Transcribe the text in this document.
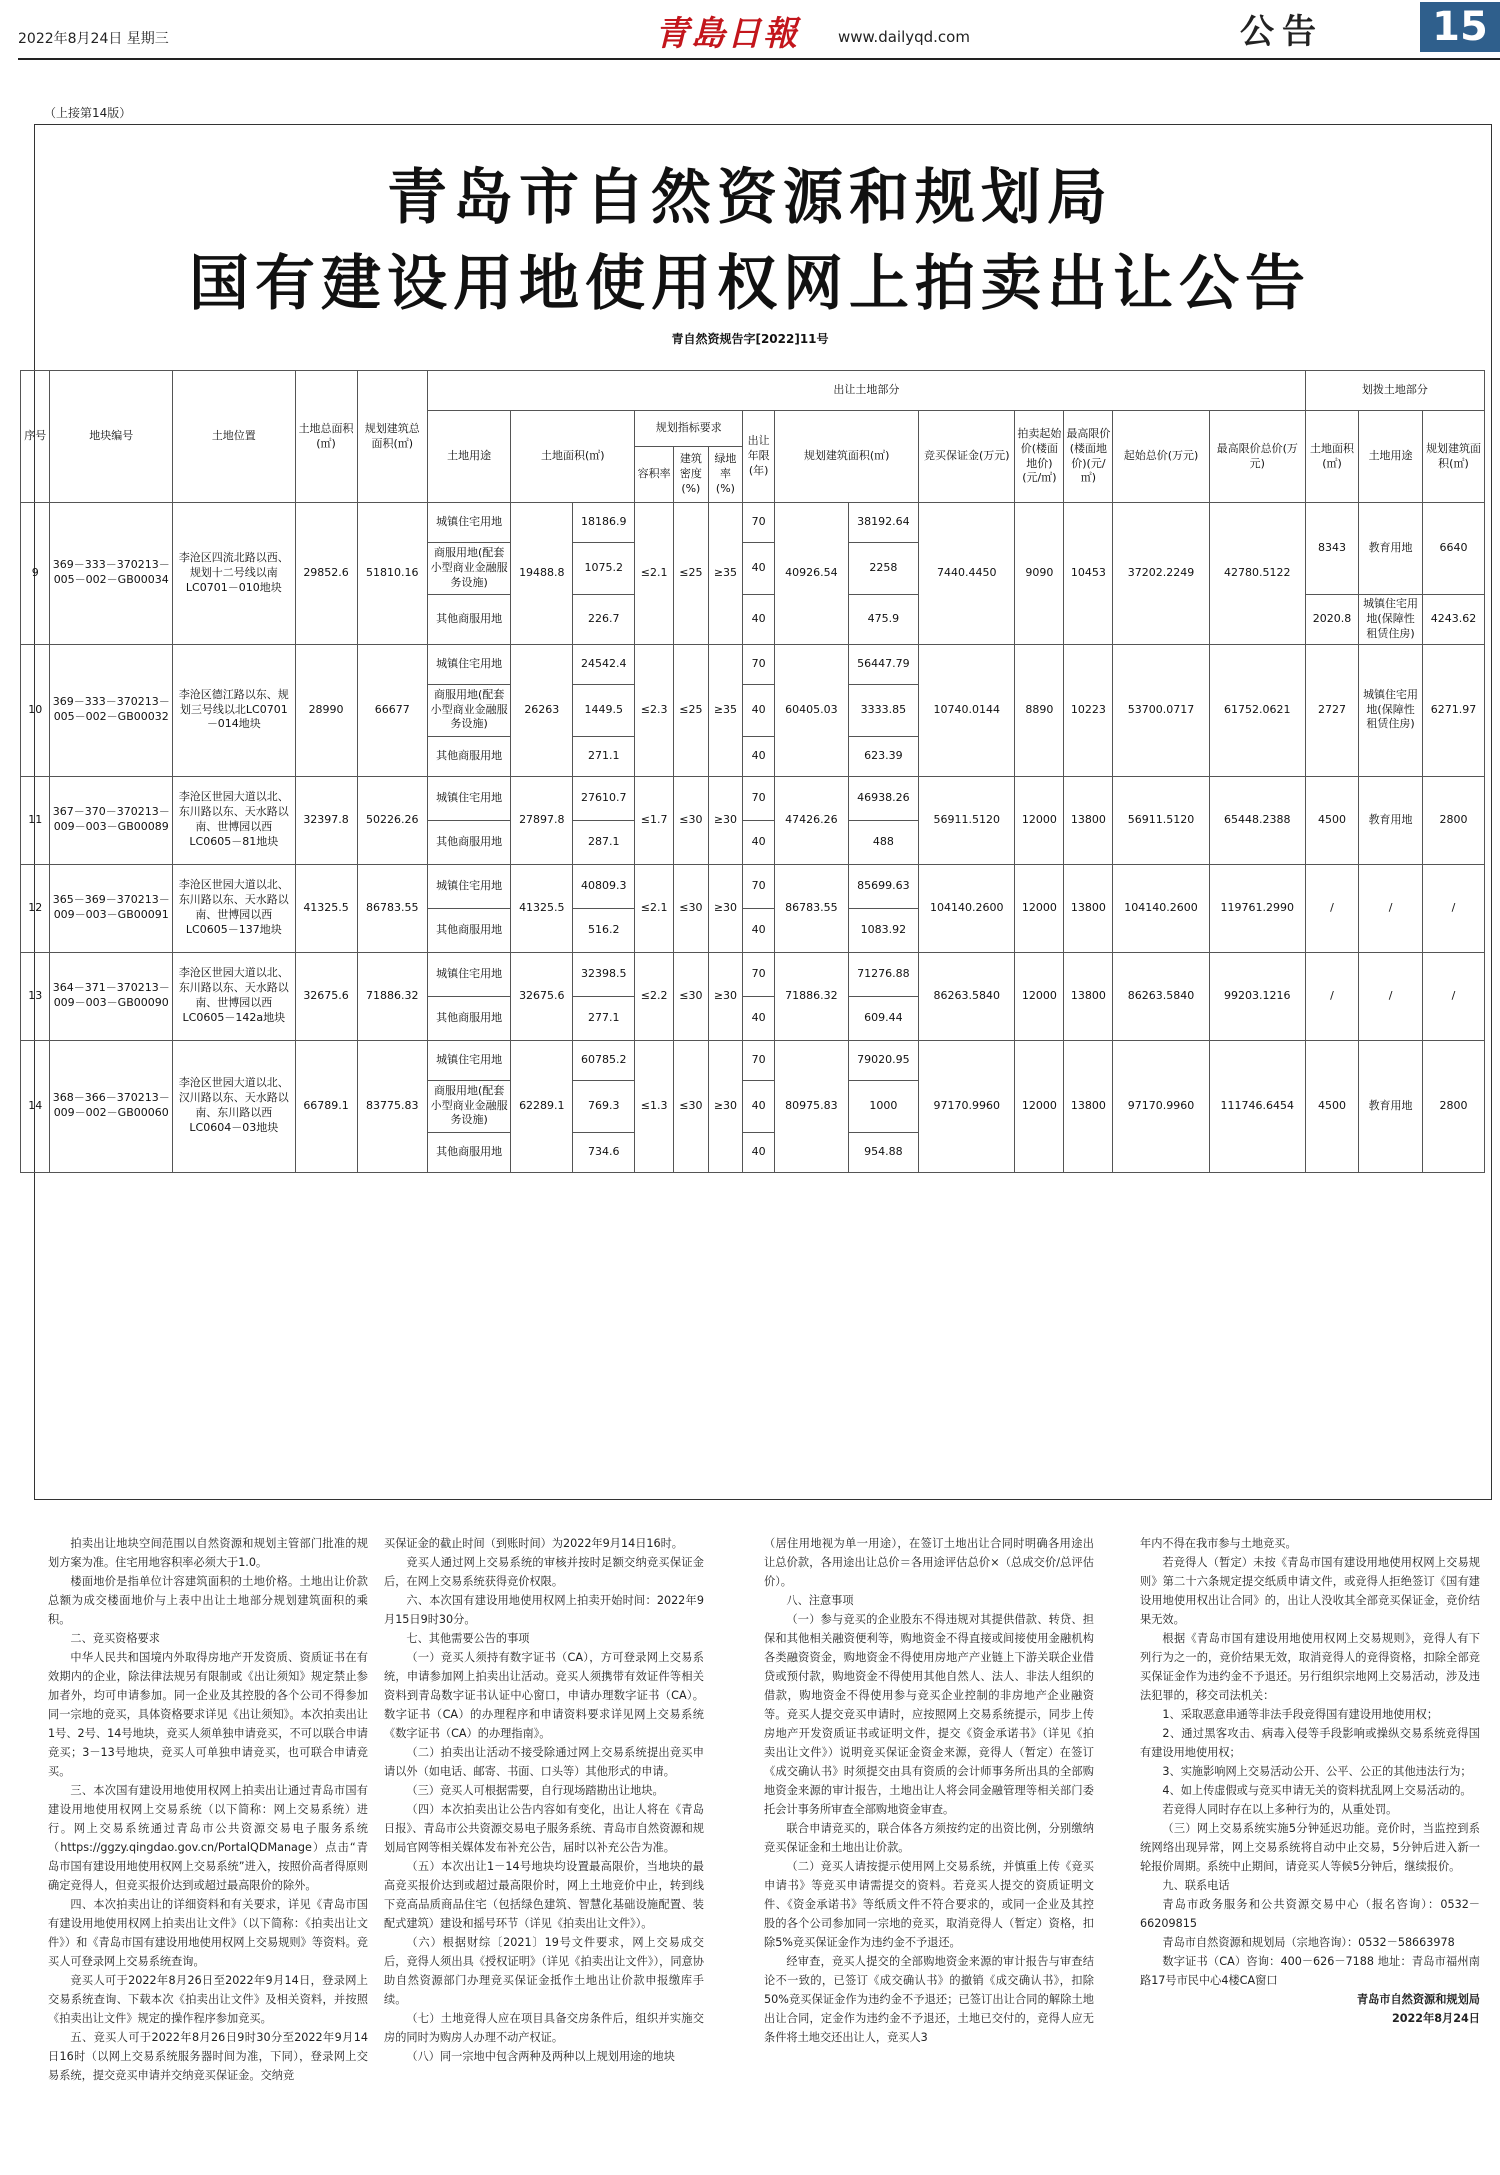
2022年8月24日 星期三	青島日報	www.dailyqd.com	公告	15
（上接第14版）
青岛市自然资源和规划局
国有建设用地使用权网上拍卖出让公告
青自然资规告字[2022]11号
序号	地块编号	土地位置	土地总面积(㎡)	规划建筑总面积(㎡)	出让土地部分														划拨土地部分		
					土地用途	土地面积(㎡)		规划指标要求			出让年限(年)	规划建筑面积(㎡)		竞买保证金(万元)	拍卖起始价(楼面地价)(元/㎡)	最高限价(楼面地价)(元/㎡)	起始总价(万元)	最高限价总价(万元)	土地面积(㎡)	土地用途	规划建筑面积(㎡)
								容积率	建筑密度(%)	绿地率(%)											
9	369－333－370213－005－002－GB00034	李沧区四流北路以西、规划十二号线以南LC0701－010地块	29852.6	51810.16	城镇住宅用地	19488.8	18186.9	≤2.1	≤25	≥35	70	40926.54	38192.64	7440.4450	9090	10453	37202.2249	42780.5122	8343	教育用地	6640
					商服用地(配套小型商业金融服务设施)		1075.2				40		2258								
					其他商服用地		226.7				40		475.9						2020.8	城镇住宅用地(保障性租赁住房)	4243.62
10	369－333－370213－005－002－GB00032	李沧区德江路以东、规划三号线以北LC0701－014地块	28990	66677	城镇住宅用地	26263	24542.4	≤2.3	≤25	≥35	70	60405.03	56447.79	10740.0144	8890	10223	53700.0717	61752.0621	2727	城镇住宅用地(保障性租赁住房)	6271.97
					商服用地(配套小型商业金融服务设施)		1449.5				40		3333.85								
					其他商服用地		271.1				40		623.39								
11	367－370－370213－009－003－GB00089	李沧区世园大道以北、东川路以东、天水路以南、世博园以西LC0605－81地块	32397.8	50226.26	城镇住宅用地	27897.8	27610.7	≤1.7	≤30	≥30	70	47426.26	46938.26	56911.5120	12000	13800	56911.5120	65448.2388	4500	教育用地	2800
					其他商服用地		287.1				40		488								
12	365－369－370213－009－003－GB00091	李沧区世园大道以北、东川路以东、天水路以南、世博园以西LC0605－137地块	41325.5	86783.55	城镇住宅用地	41325.5	40809.3	≤2.1	≤30	≥30	70	86783.55	85699.63	104140.2600	12000	13800	104140.2600	119761.2990	/	/	/
					其他商服用地		516.2				40		1083.92								
13	364－371－370213－009－003－GB00090	李沧区世园大道以北、东川路以东、天水路以南、世博园以西LC0605－142a地块	32675.6	71886.32	城镇住宅用地	32675.6	32398.5	≤2.2	≤30	≥30	70	71886.32	71276.88	86263.5840	12000	13800	86263.5840	99203.1216	/	/	/
					其他商服用地		277.1				40		609.44								
14	368－366－370213－009－002－GB00060	李沧区世园大道以北、汉川路以东、天水路以南、东川路以西LC0604－03地块	66789.1	83775.83	城镇住宅用地	62289.1	60785.2	≤1.3	≤30	≥30	70	80975.83	79020.95	97170.9960	12000	13800	97170.9960	111746.6454	4500	教育用地	2800
					商服用地(配套小型商业金融服务设施)		769.3				40		1000								
					其他商服用地		734.6				40		954.88								

拍卖出让地块空间范围以自然资源和规划主管部门批准的规划方案为准。住宅用地容积率必须大于1.0。

楼面地价是指单位计容建筑面积的土地价格。土地出让价款总额为成交楼面地价与上表中出让土地部分规划建筑面积的乘积。

二、竞买资格要求

中华人民共和国境内外取得房地产开发资质、资质证书在有效期内的企业，除法律法规另有限制或《出让须知》规定禁止参加者外，均可申请参加。同一企业及其控股的各个公司不得参加同一宗地的竞买，具体资格要求详见《出让须知》。本次拍卖出让1号、2号、14号地块，竞买人须单独申请竞买，不可以联合申请竞买；3－13号地块，竞买人可单独申请竞买，也可联合申请竞买。

三、本次国有建设用地使用权网上拍卖出让通过青岛市国有建设用地使用权网上交易系统（以下简称：网上交易系统）进行。网上交易系统通过青岛市公共资源交易电子服务系统（https://ggzy.qingdao.gov.cn/PortalQDManage）点击“青岛市国有建设用地使用权网上交易系统”进入，按照价高者得原则确定竞得人，但竞买报价达到或超过最高限价的除外。

四、本次拍卖出让的详细资料和有关要求，详见《青岛市国有建设用地使用权网上拍卖出让文件》（以下简称：《拍卖出让文件》）和《青岛市国有建设用地使用权网上交易规则》等资料。竞买人可登录网上交易系统查询。

竞买人可于2022年8月26日至2022年9月14日，登录网上交易系统查询、下载本次《拍卖出让文件》及相关资料，并按照《拍卖出让文件》规定的操作程序参加竞买。

五、竞买人可于2022年8月26日9时30分至2022年9月14日16时（以网上交易系统服务器时间为准，下同），登录网上交易系统，提交竞买申请并交纳竞买保证金。交纳竞

买保证金的截止时间（到账时间）为2022年9月14日16时。

竞买人通过网上交易系统的审核并按时足额交纳竞买保证金后，在网上交易系统获得竞价权限。

六、本次国有建设用地使用权网上拍卖开始时间：2022年9月15日9时30分。

七、其他需要公告的事项

（一）竞买人须持有数字证书（CA），方可登录网上交易系统，申请参加网上拍卖出让活动。竞买人须携带有效证件等相关资料到青岛数字证书认证中心窗口，申请办理数字证书（CA）。数字证书（CA）的办理程序和申请资料要求详见网上交易系统《数字证书（CA）的办理指南》。

（二）拍卖出让活动不接受除通过网上交易系统提出竞买申请以外（如电话、邮寄、书面、口头等）其他形式的申请。

（三）竞买人可根据需要，自行现场踏勘出让地块。

（四）本次拍卖出让公告内容如有变化，出让人将在《青岛日报》、青岛市公共资源交易电子服务系统、青岛市自然资源和规划局官网等相关媒体发布补充公告，届时以补充公告为准。

（五）本次出让1－14号地块均设置最高限价，当地块的最高竞买报价达到或超过最高限价时，网上土地竞价中止，转到线下竞高品质商品住宅（包括绿色建筑、智慧化基础设施配置、装配式建筑）建设和摇号环节（详见《拍卖出让文件》）。

（六）根据财综〔2021〕19号文件要求，网上交易成交后，竞得人须出具《授权证明》（详见《拍卖出让文件》），同意协助自然资源部门办理竞买保证金抵作土地出让价款申报缴库手续。

（七）土地竞得人应在项目具备交房条件后，组织并实施交房的同时为购房人办理不动产权证。

（八）同一宗地中包含两种及两种以上规划用途的地块

（居住用地视为单一用途），在签订土地出让合同时明确各用途出让总价款，各用途出让总价＝各用途评估总价×（总成交价/总评估价）。

八、注意事项

（一）参与竞买的企业股东不得违规对其提供借款、转贷、担保和其他相关融资便利等，购地资金不得直接或间接使用金融机构各类融资资金，购地资金不得使用房地产产业链上下游关联企业借贷或预付款，购地资金不得使用其他自然人、法人、非法人组织的借款，购地资金不得使用参与竞买企业控制的非房地产企业融资等。竞买人提交竞买申请时，应按照网上交易系统提示，同步上传房地产开发资质证书或证明文件，提交《资金承诺书》（详见《拍卖出让文件》）说明竞买保证金资金来源，竞得人（暂定）在签订《成交确认书》时须提交由具有资质的会计师事务所出具的全部购地资金来源的审计报告，土地出让人将会同金融管理等相关部门委托会计事务所审查全部购地资金审查。

联合申请竞买的，联合体各方须按约定的出资比例，分别缴纳竞买保证金和土地出让价款。

（二）竞买人请按提示使用网上交易系统，并慎重上传《竞买申请书》等竞买申请需提交的资料。若竞买人提交的资质证明文件、《资金承诺书》等纸质文件不符合要求的，或同一企业及其控股的各个公司参加同一宗地的竞买，取消竞得人（暂定）资格，扣除5%竞买保证金作为违约金不予退还。

经审查，竞买人提交的全部购地资金来源的审计报告与审查结论不一致的，已签订《成交确认书》的撤销《成交确认书》，扣除50%竞买保证金作为违约金不予退还；已签订出让合同的解除土地出让合同，定金作为违约金不予退还，土地已交付的，竞得人应无条件将土地交还出让人，竞买人3

年内不得在我市参与土地竞买。

若竞得人（暂定）未按《青岛市国有建设用地使用权网上交易规则》第二十六条规定提交纸质申请文件，或竞得人拒绝签订《国有建设用地使用权出让合同》的，出让人没收其全部竞买保证金，竞价结果无效。

根据《青岛市国有建设用地使用权网上交易规则》，竞得人有下列行为之一的，竞价结果无效，取消竞得人的竞得资格，扣除全部竞买保证金作为违约金不予退还。另行组织宗地网上交易活动，涉及违法犯罪的，移交司法机关：

1、采取恶意串通等非法手段竞得国有建设用地使用权；

2、通过黑客攻击、病毒入侵等手段影响或操纵交易系统竞得国有建设用地使用权；

3、实施影响网上交易活动公开、公平、公正的其他违法行为；

4、如上传虚假或与竞买申请无关的资料扰乱网上交易活动的。

若竞得人同时存在以上多种行为的，从重处罚。

（三）网上交易系统实施5分钟延迟功能。竞价时，当监控到系统网络出现异常，网上交易系统将自动中止交易，5分钟后进入新一轮报价周期。系统中止期间，请竞买人等候5分钟后，继续报价。

九、联系电话

青岛市政务服务和公共资源交易中心（报名咨询）：0532－66209815

青岛市自然资源和规划局（宗地咨询）：0532－58663978

数字证书（CA）咨询：400－626－7188 地址：青岛市福州南路17号市民中心4楼CA窗口

青岛市自然资源和规划局

2022年8月24日
